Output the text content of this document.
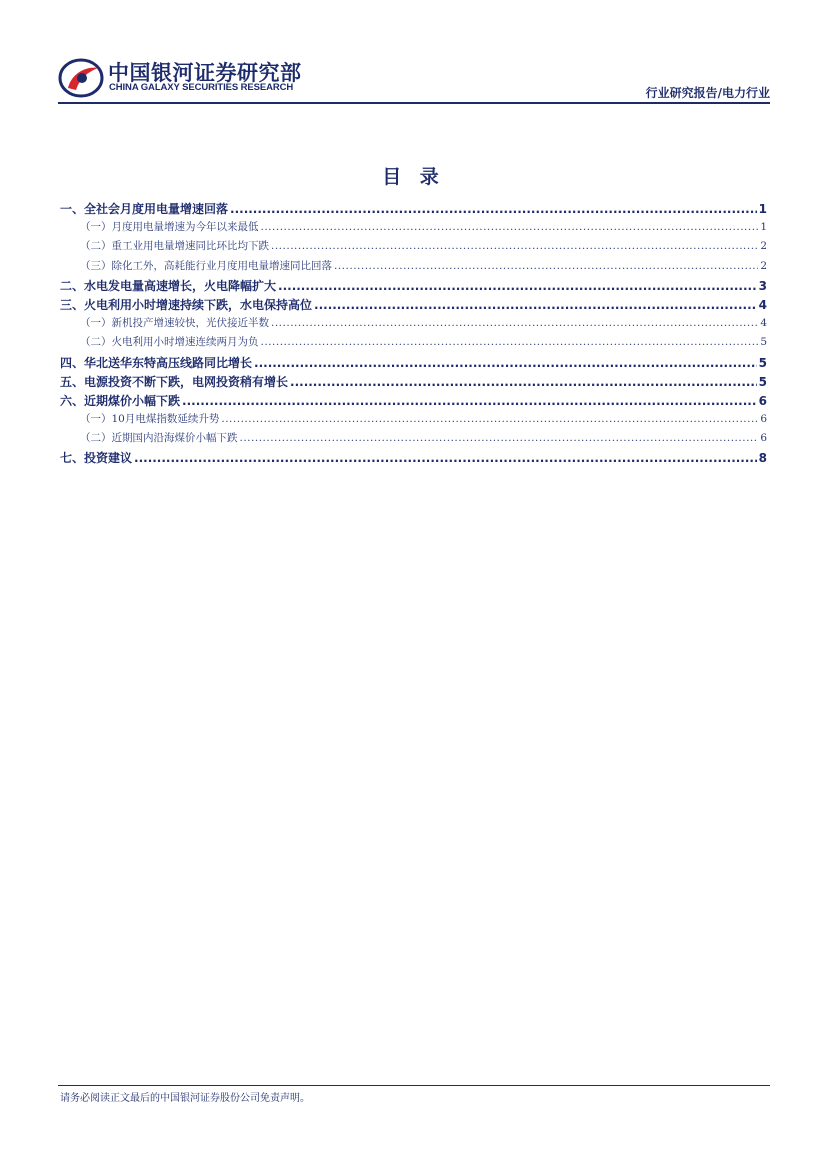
中国银河证券研究部
CHINA GALAXY SECURITIES RESEARCH	行业研究报告/电力行业
目 录
一、全社会月度用电量增速回落 .....	1
（一）月度用电量增速为今年以来最低 .....	1
（二）重工业用电量增速同比环比均下跌 .....	2
（三）除化工外，高耗能行业月度用电量增速同比回落 .....	2
二、水电发电量高速增长，火电降幅扩大 .....	3
三、火电利用小时增速持续下跌，水电保持高位 .....	4
（一）新机投产增速较快，光伏接近半数 .....	4
（二）火电利用小时增速连续两月为负 .....	5
四、华北送华东特高压线路同比增长 .....	5
五、电源投资不断下跌，电网投资稍有增长 .....	5
六、近期煤价小幅下跌 .....	6
（一）10月电煤指数延续升势 .....	6
（二）近期国内沿海煤价小幅下跌 .....	6
七、投资建议 .....	8
请务必阅读正文最后的中国银河证券股份公司免责声明。
